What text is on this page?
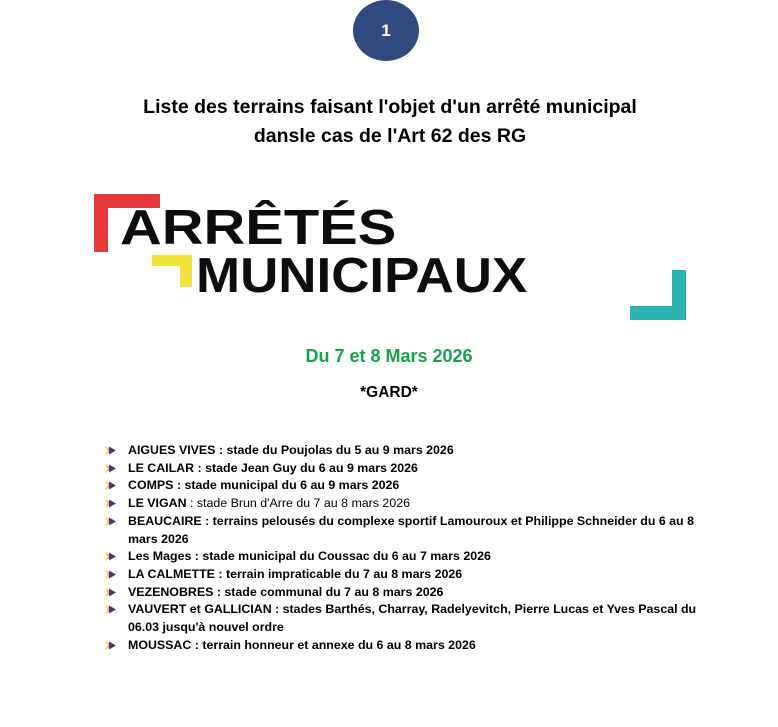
1
Liste des terrains faisant l'objet d'un arrêté municipal
dansle cas de l'Art 62 des RG
ARRÊTÉS
MUNICIPAUX
Du 7 et 8 Mars 2026
*GARD*
AIGUES VIVES : stade du Poujolas du 5 au 9 mars 2026
LE CAILAR : stade Jean Guy du 6 au 9 mars 2026
COMPS : stade municipal du 6 au 9 mars 2026
LE VIGAN : stade Brun d'Arre du 7 au 8 mars 2026
BEAUCAIRE : terrains pelousés du complexe sportif Lamouroux et Philippe Schneider du 6 au 8 mars 2026
Les Mages : stade municipal du Coussac du 6 au 7 mars 2026
LA CALMETTE : terrain impraticable du 7 au 8 mars 2026
VEZENOBRES : stade communal du 7 au 8 mars 2026
VAUVERT et GALLICIAN : stades Barthés, Charray, Radelyevitch, Pierre Lucas et Yves Pascal du 06.03 jusqu'à nouvel ordre
MOUSSAC : terrain honneur et annexe du 6 au 8 mars 2026
